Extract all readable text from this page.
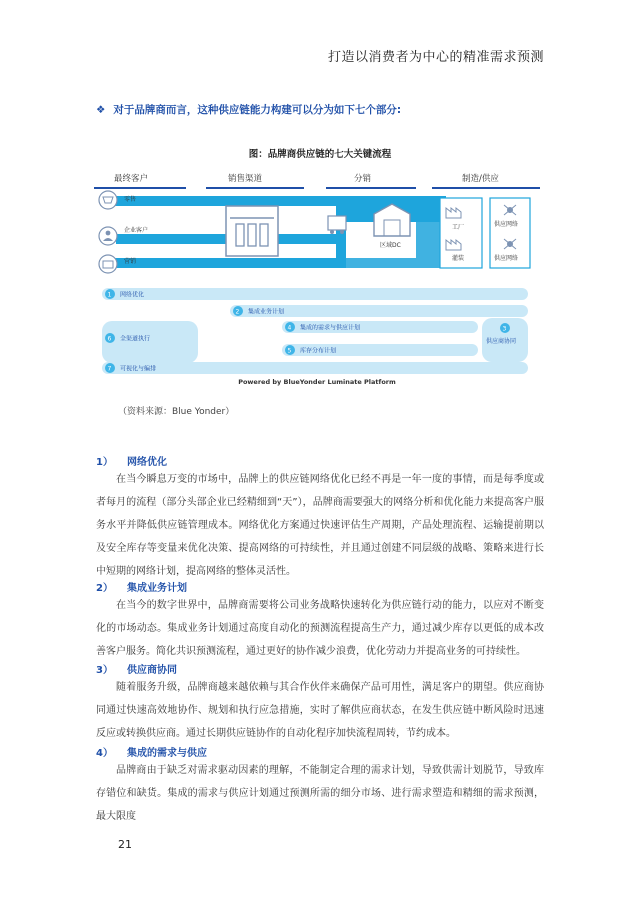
打造以消费者为中心的精准需求预测
❖ 对于品牌商而言，这种供应链能力构建可以分为如下七个部分:
图：品牌商供应链的七大关键流程
最终客户	销售渠道	分销	制造/供应
零售
企业客户
营销
区域DC
工厂
灌装
供应网络
供应网络
1 网络优化
2 集成业务计划
3
供应商协同
6 全渠道执行
4 集成的需求与供应计划
5 库存分布计划
7 可视化与编排
Powered by BlueYonder Luminate Platform
（资料来源：Blue Yonder）
1） 网络优化

在当今瞬息万变的市场中，品牌上的供应链网络优化已经不再是一年一度的事情，而是每季度或者每月的流程（部分头部企业已经精细到“天”），品牌商需要强大的网络分析和优化能力来提高客户服务水平并降低供应链管理成本。网络优化方案通过快速评估生产周期，产品处理流程、运输提前期以及安全库存等变量来优化决策、提高网络的可持续性，并且通过创建不同层级的战略、策略来进行长中短期的网络计划，提高网络的整体灵活性。

2） 集成业务计划

在当今的数字世界中，品牌商需要将公司业务战略快速转化为供应链行动的能力，以应对不断变化的市场动态。集成业务计划通过高度自动化的预测流程提高生产力，通过减少库存以更低的成本改善客户服务。简化共识预测流程，通过更好的协作减少浪费，优化劳动力并提高业务的可持续性。

3） 供应商协同

随着服务升级，品牌商越来越依赖与其合作伙伴来确保产品可用性，满足客户的期望。供应商协同通过快速高效地协作、规划和执行应急措施，实时了解供应商状态，在发生供应链中断风险时迅速反应或转换供应商。通过长期供应链协作的自动化程序加快流程周转，节约成本。

4） 集成的需求与供应

品牌商由于缺乏对需求驱动因素的理解，不能制定合理的需求计划，导致供需计划脱节，导致库存错位和缺货。集成的需求与供应计划通过预测所需的细分市场、进行需求塑造和精细的需求预测，最大限度

21
